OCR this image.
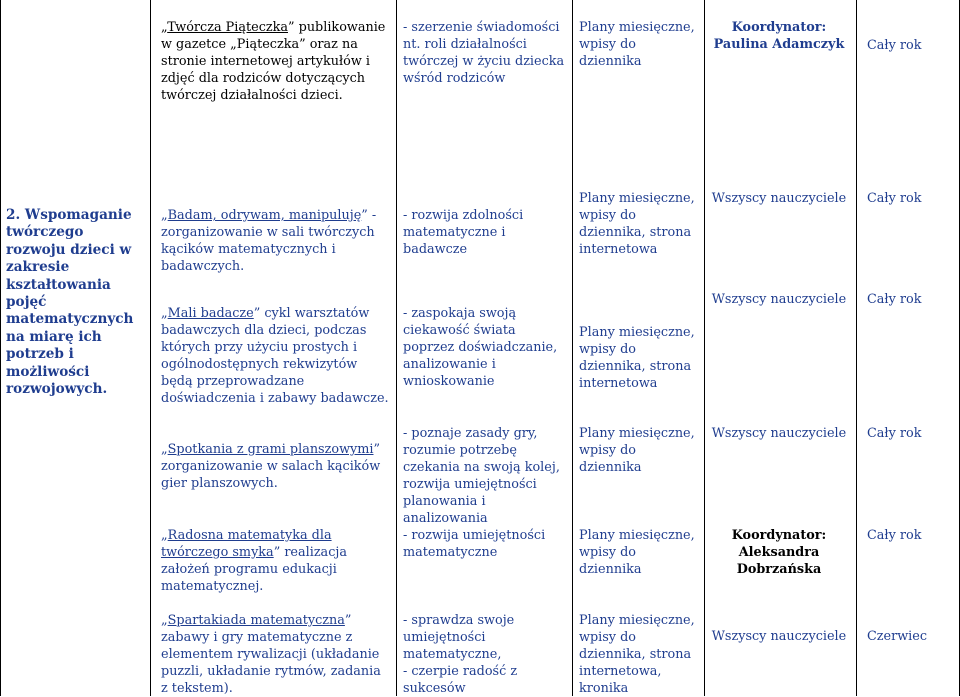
„Twórcza Piąteczka” publikowanie w gazetce „Piąteczka” oraz na stronie internetowej artykułów i zdjęć dla rodziców dotyczących twórczej działalności dzieci.

- szerzenie świadomości nt. roli działalności twórczej w życiu dziecka wśród rodziców

Plany miesięczne, wpisy do dziennika

Koordynator:

Paulina Adamczyk	Cały rok

2. Wspomaganie twórczego rozwoju dzieci w zakresie kształtowania pojęć matematycznych na miarę ich potrzeb i możliwości rozwojowych.

„Badam, odrywam, manipuluję” - zorganizowanie w sali twórczych kącików matematycznych i badawczych.

„Mali badacze” cykl warsztatów badawczych dla dzieci, podczas których przy użyciu prostych i ogólnodostępnych rekwizytów będą przeprowadzane doświadczenia i zabawy badawcze.

„Spotkania z grami planszowymi” zorganizowanie w salach kącików gier planszowych.

„Radosna matematyka dla twórczego smyka” realizacja założeń programu edukacji matematycznej.

„Spartakiada matematyczna” zabawy i gry matematyczne z elementem rywalizacji (układanie puzzli, układanie rytmów, zadania z tekstem).

- rozwija zdolności matematyczne i badawcze

- zaspokaja swoją ciekawość świata poprzez doświadczanie, analizowanie i wnioskowanie

- poznaje zasady gry, rozumie potrzebę czekania na swoją kolej, rozwija umiejętności planowania i analizowania

- rozwija umiejętności matematyczne

- sprawdza swoje umiejętności matematyczne,

- czerpie radość z sukcesów

Plany miesięczne, wpisy do dziennika, strona internetowa

Plany miesięczne, wpisy do dziennika, strona internetowa

Plany miesięczne, wpisy do dziennika

Plany miesięczne, wpisy do dziennika

Plany miesięczne, wpisy do dziennika, strona internetowa, kronika

Wszyscy nauczyciele

Wszyscy nauczyciele

Wszyscy nauczyciele

Koordynator:

Aleksandra Dobrzańska

Wszyscy nauczyciele

Cały rok

Cały rok

Cały rok

Cały rok

Czerwiec
